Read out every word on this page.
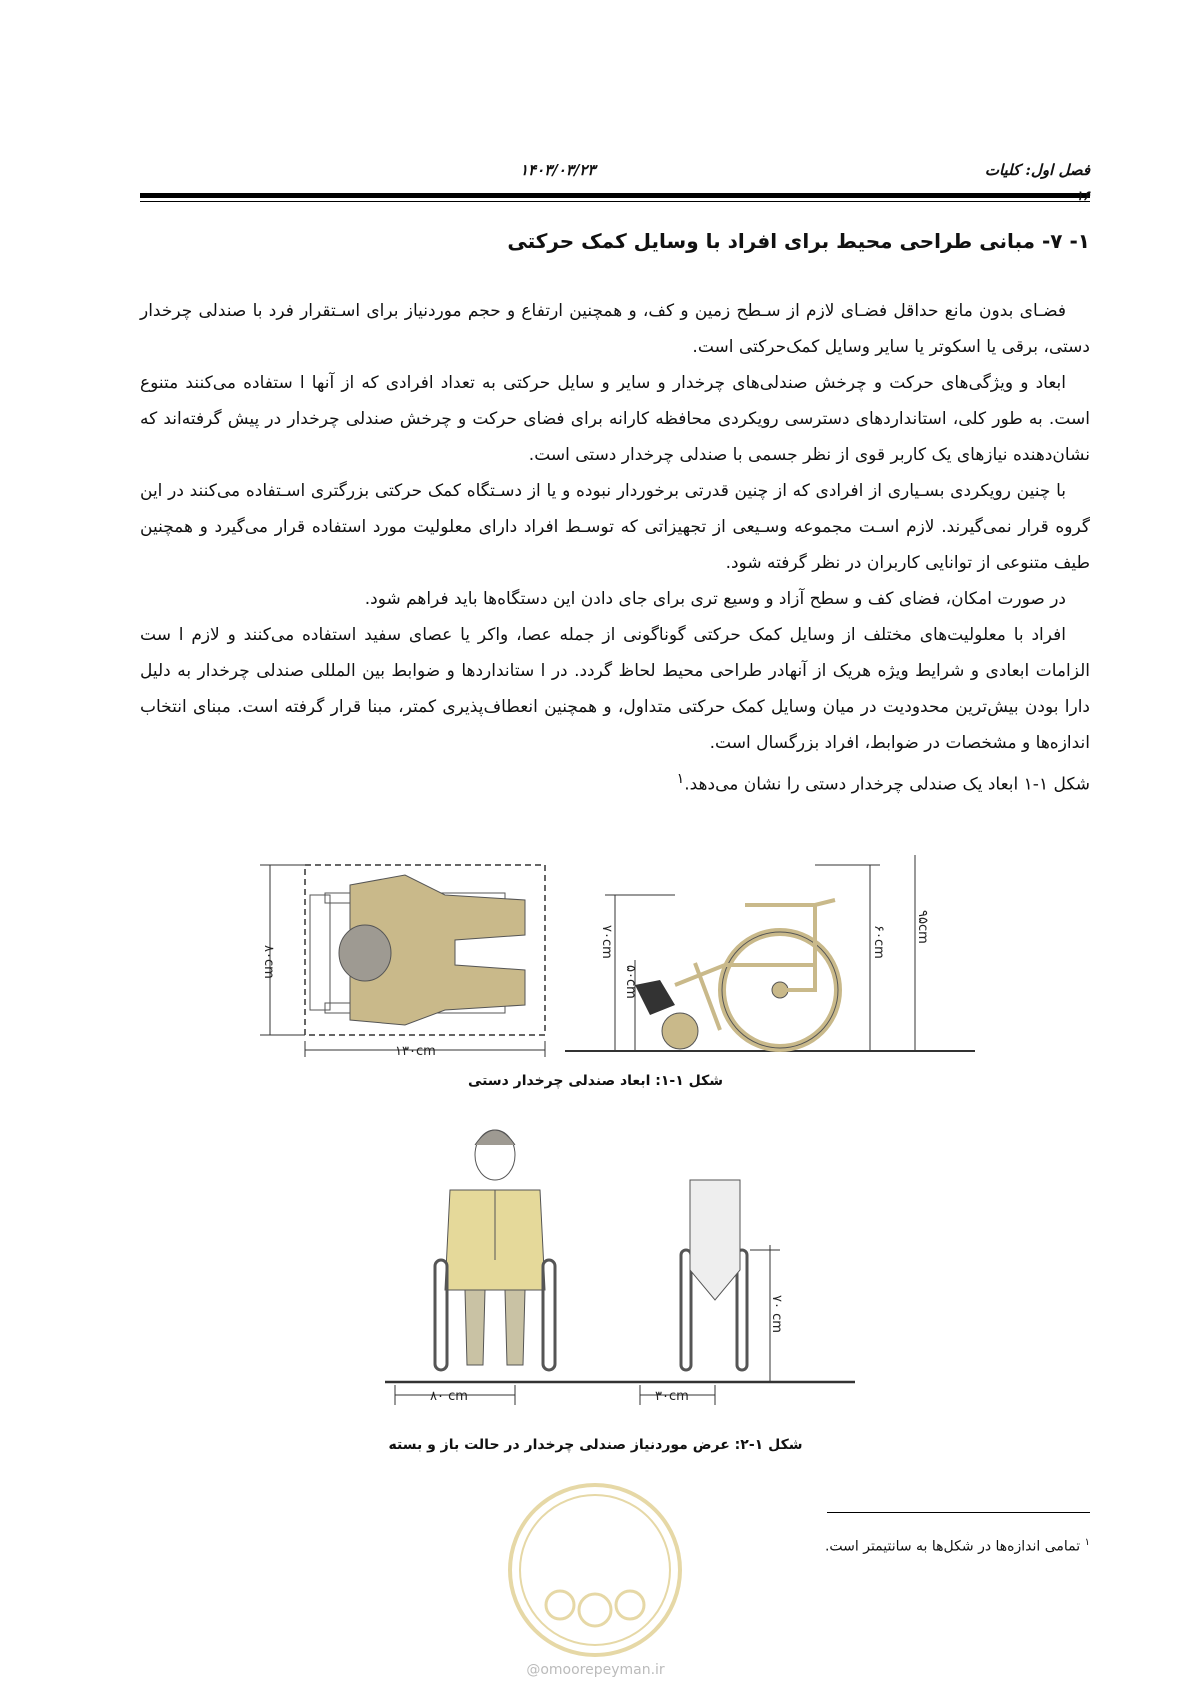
فصل اول: کلیات
۱۴۰۳/۰۳/۲۳
۱۶
۱- ۷- مبانی طراحی محیط برای افراد با وسایل کمک حرکتی

فضـای بدون مانع حداقل فضـای لازم از سـطح زمین و کف، و همچنین ارتفاع و حجم موردنیاز برای اسـتقرار فرد با صندلی چرخدار دستی، برقی یا اسکوتر یا سایر وسایل کمک‌حرکتی است.

ابعاد و ویژگی‌های حرکت و چرخش صندلی‌های چرخدار و سایر و سایل حرکتی به تعداد افرادی که از آنها ا ستفاده می‌کنند متنوع است. به طور کلی، استانداردهای دسترسی رویکردی محافظه کارانه برای فضای حرکت و چرخش صندلی چرخدار در پیش گرفته‌اند که نشان‌دهنده نیازهای یک کاربر قوی از نظر جسمی با صندلی چرخدار دستی است.

با چنین رویکردی بسـیاری از افرادی که از چنین قدرتی برخوردار نبوده و یا از دسـتگاه کمک حرکتی بزرگتری اسـتفاده می‌کنند در این گروه قرار نمی‌گیرند. لازم اسـت مجموعه وسـیعی از تجهیزاتی که توسـط افراد دارای معلولیت مورد استفاده قرار می‌گیرد و همچنین طیف متنوعی از توانایی کاربران در نظر گرفته شود.

در صورت امکان، فضای کف و سطح آزاد و وسیع تری برای جای دادن این دستگاه‌ها باید فراهم شود.

افراد با معلولیت‌های مختلف از وسایل کمک حرکتی گوناگونی از جمله عصا، واکر یا عصای سفید استفاده می‌کنند و لازم ا ست الزامات ابعادی و شرایط ویژه هریک از آنها‌در طراحی محیط لحاظ گردد. در ا ستانداردها و ضوابط بین المللی صندلی چرخدار به دلیل دارا بودن بیش‌ترین محدودیت در میان وسایل کمک حرکتی متداول، و همچنین انعطاف‌پذیری کمتر، مبنا قرار گرفته است. مبنای انتخاب اندازه‌ها و مشخصات در ضوابط، افراد بزرگسال است.

شکل ۱-۱ ابعاد یک صندلی چرخدار دستی را نشان می‌دهد.$^۱$

۸۰cm
۱۳۰cm
۷۰cm
۵۰cm
۶۰cm ۹۵cm
شکل ۱-۱: ابعاد صندلی چرخدار دستی
۷۰ cm
۸۰ cm	۳۰cm
شکل ۱-۲: عرض موردنیاز صندلی چرخدار در حالت باز و بسته
$^۱$ تمامی اندازه‌ها در شکل‌ها به سانتیمتر است.
@omoorepeyman.ir
